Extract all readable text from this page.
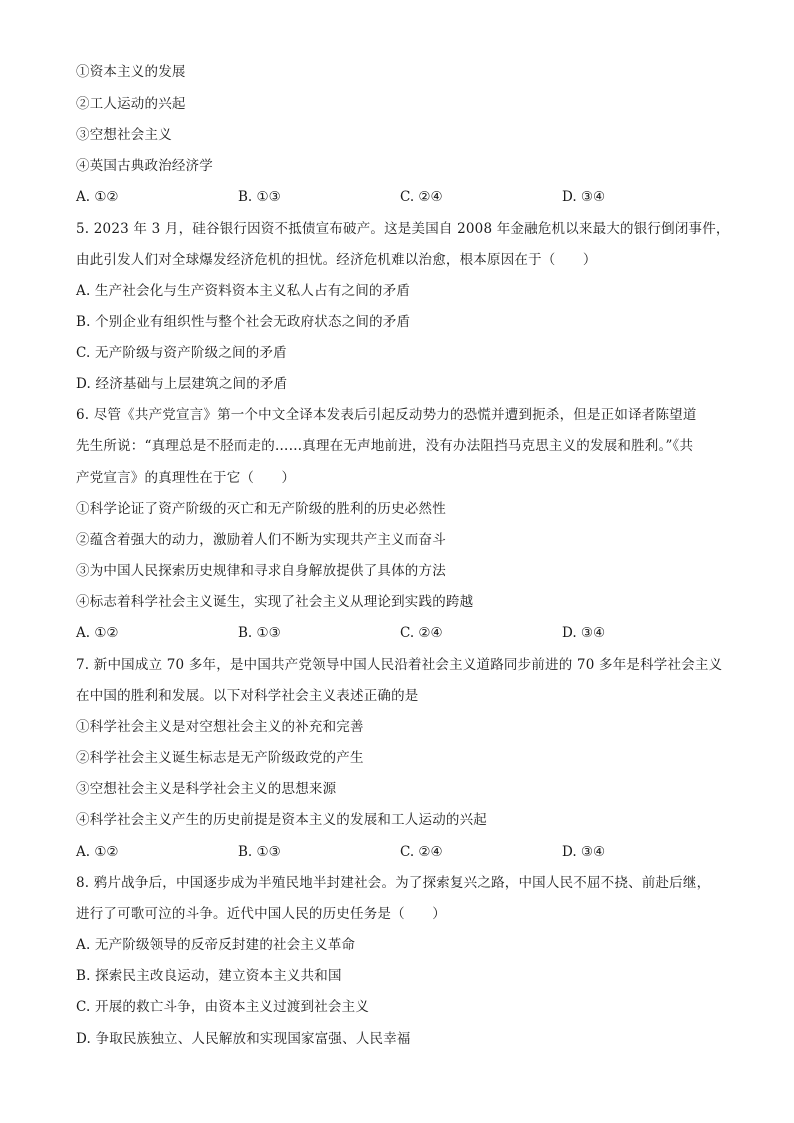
①资本主义的发展
②工人运动的兴起
③空想社会主义
④英国古典政治经济学
A. ①②	B. ①③	C. ②④	D. ③④
5. 2023 年 3 月，硅谷银行因资不抵债宣布破产。这是美国自 2008 年金融危机以来最大的银行倒闭事件，
由此引发人们对全球爆发经济危机的担忧。经济危机难以治愈，根本原因在于（　　）
A. 生产社会化与生产资料资本主义私人占有之间的矛盾
B. 个别企业有组织性与整个社会无政府状态之间的矛盾
C. 无产阶级与资产阶级之间的矛盾
D. 经济基础与上层建筑之间的矛盾
6. 尽管《共产党宣言》第一个中文全译本发表后引起反动势力的恐慌并遭到扼杀，但是正如译者陈望道
先生所说：“真理总是不胫而走的……真理在无声地前进，没有办法阻挡马克思主义的发展和胜利。”《共
产党宣言》的真理性在于它（　　）
①科学论证了资产阶级的灭亡和无产阶级的胜利的历史必然性
②蕴含着强大的动力，激励着人们不断为实现共产主义而奋斗
③为中国人民探索历史规律和寻求自身解放提供了具体的方法
④标志着科学社会主义诞生，实现了社会主义从理论到实践的跨越
A. ①②	B. ①③	C. ②④	D. ③④
7. 新中国成立 70 多年，是中国共产党领导中国人民沿着社会主义道路同步前进的 70 多年是科学社会主义
在中国的胜利和发展。以下对科学社会主义表述正确的是
①科学社会主义是对空想社会主义的补充和完善
②科学社会主义诞生标志是无产阶级政党的产生
③空想社会主义是科学社会主义的思想来源
④科学社会主义产生的历史前提是资本主义的发展和工人运动的兴起
A. ①②	B. ①③	C. ②④	D. ③④
8. 鸦片战争后，中国逐步成为半殖民地半封建社会。为了探索复兴之路，中国人民不屈不挠、前赴后继，
进行了可歌可泣的斗争。近代中国人民的历史任务是（　　）
A. 无产阶级领导的反帝反封建的社会主义革命
B. 探索民主改良运动，建立资本主义共和国
C. 开展的救亡斗争，由资本主义过渡到社会主义
D. 争取民族独立、人民解放和实现国家富强、人民幸福
